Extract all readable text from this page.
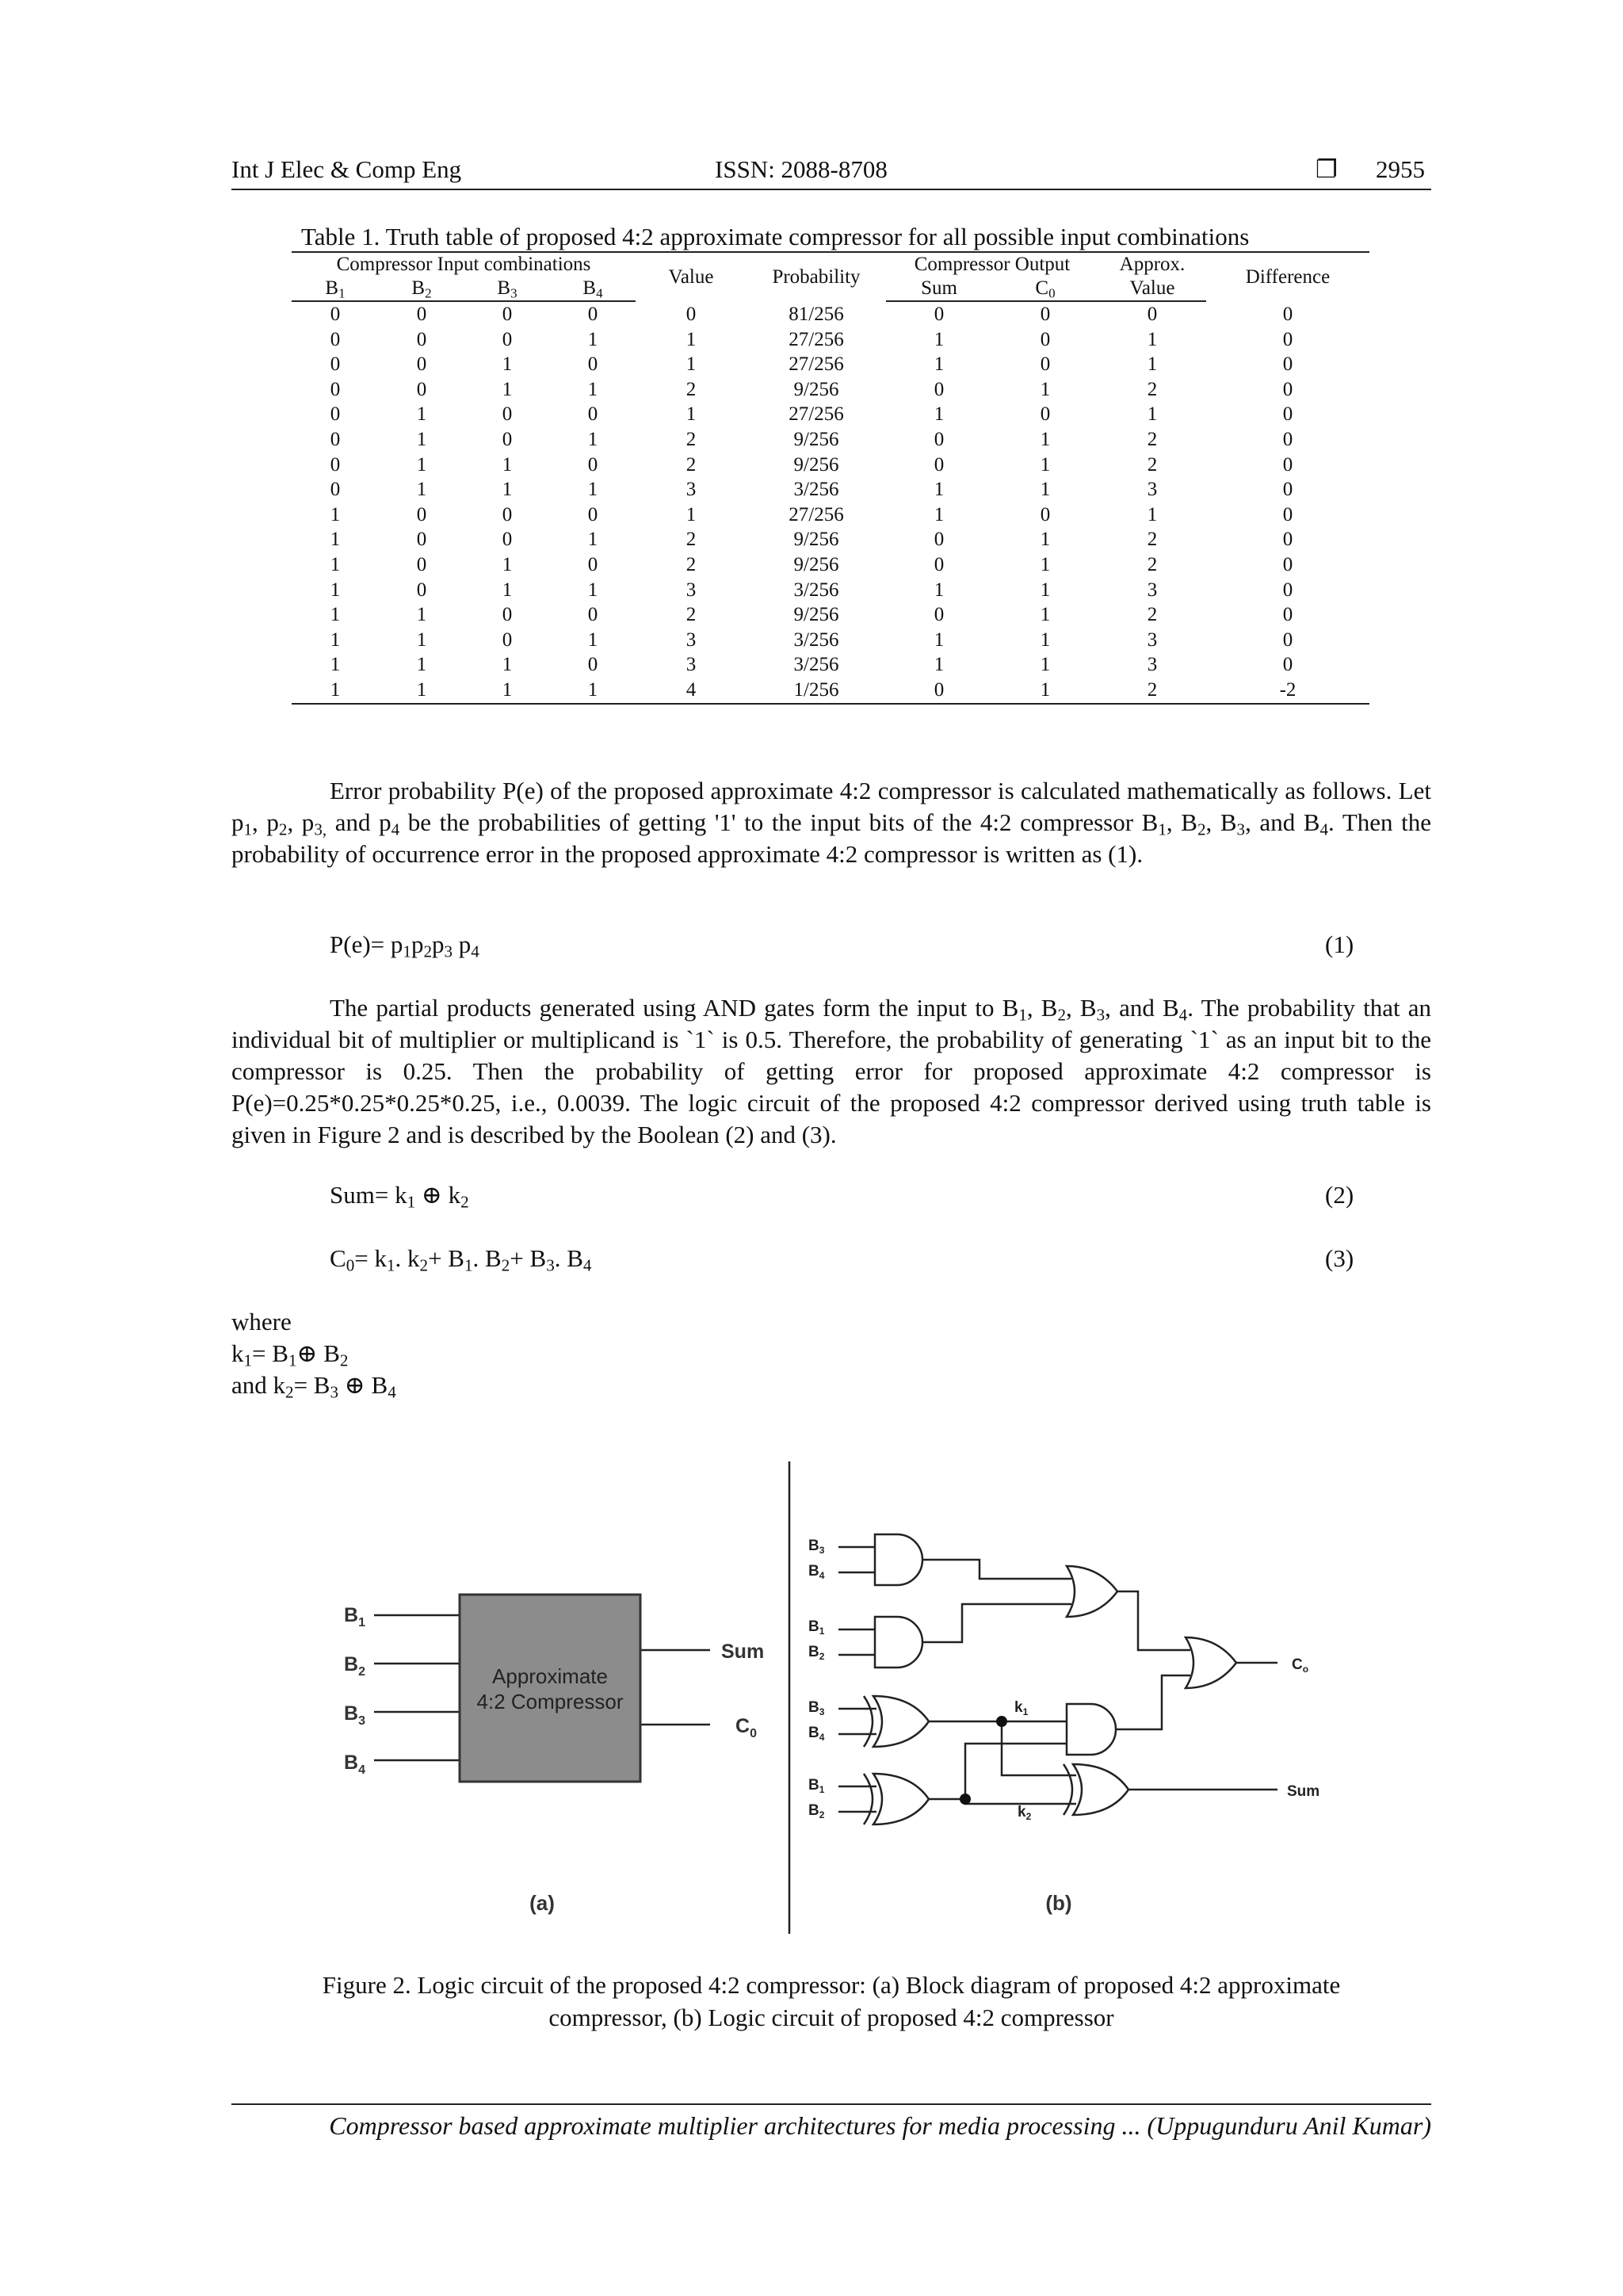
Int J Elec & Comp Eng	ISSN: 2088-8708	❐ 2955
Table 1. Truth table of proposed 4:2 approximate compressor for all possible input combinations
Compressor Input combinations				Value	Probability	Compressor Output		Approx.	Difference
$B_1$	$B_2$	$B_3$	$B_4$			Sum	$C_0$	Value	
0	0	0	0	0	81/256	0	0	0	0
0	0	0	1	1	27/256	1	0	1	0
0	0	1	0	1	27/256	1	0	1	0
0	0	1	1	2	9/256	0	1	2	0
0	1	0	0	1	27/256	1	0	1	0
0	1	0	1	2	9/256	0	1	2	0
0	1	1	0	2	9/256	0	1	2	0
0	1	1	1	3	3/256	1	1	3	0
1	0	0	0	1	27/256	1	0	1	0
1	0	0	1	2	9/256	0	1	2	0
1	0	1	0	2	9/256	0	1	2	0
1	0	1	1	3	3/256	1	1	3	0
1	1	0	0	2	9/256	0	1	2	0
1	1	0	1	3	3/256	1	1	3	0
1	1	1	0	3	3/256	1	1	3	0
1	1	1	1	4	1/256	0	1	2	-2
Error probability P(e) of the proposed approximate 4:2 compressor is calculated mathematically as follows. Let $p_1$, $p_2$, $p_{3,}$ and $p_4$ be the probabilities of getting '1' to the input bits of the 4:2 compressor $B_1$, $B_2$, $B_3$, and $B_4$. Then the probability of occurrence error in the proposed approximate 4:2 compressor is written as (1).
$P(e)= p_1p_2p_3$ $p_4$	(1)
The partial products generated using AND gates form the input to $B_1$, $B_2$, $B_3$, and $B_4$. The probability that an individual bit of multiplier or multiplicand is `1` is 0.5. Therefore, the probability of generating `1` as an input bit to the compressor is 0.25. Then the probability of getting error for proposed approximate 4:2 compressor is P(e)=0.25*0.25*0.25*0.25, i.e., 0.0039. The logic circuit of the proposed 4:2 compressor derived using truth table is given in Figure 2 and is described by the Boolean (2) and (3).
$Sum= k_1$ ⊕ $k_2$	(2)
$C_0= k_1$. $k_2+ B_1$. $B_2+ B_3$. $B_4$	(3)
where
$k_1=$ $B_1\oplus$ $B_2$
and $k_2= B_3$ ⊕ $B_4$
Approximate
4:2 Compressor
$B_1$
$B_2$
$B_3$
$B_4$
Sum
$C_0$
$B_3$
$B_4$
$B_1$
$B_2$
$B_3$
$B_4$
$B_1$
$B_2$
$k_1$
$k_2$
$C_o$
Sum
(a)	(b)
Figure 2. Logic circuit of the proposed 4:2 compressor: (a) Block diagram of proposed 4:2 approximate
compressor, (b) Logic circuit of proposed 4:2 compressor
Compressor based approximate multiplier architectures for media processing ... (Uppugunduru Anil Kumar)
